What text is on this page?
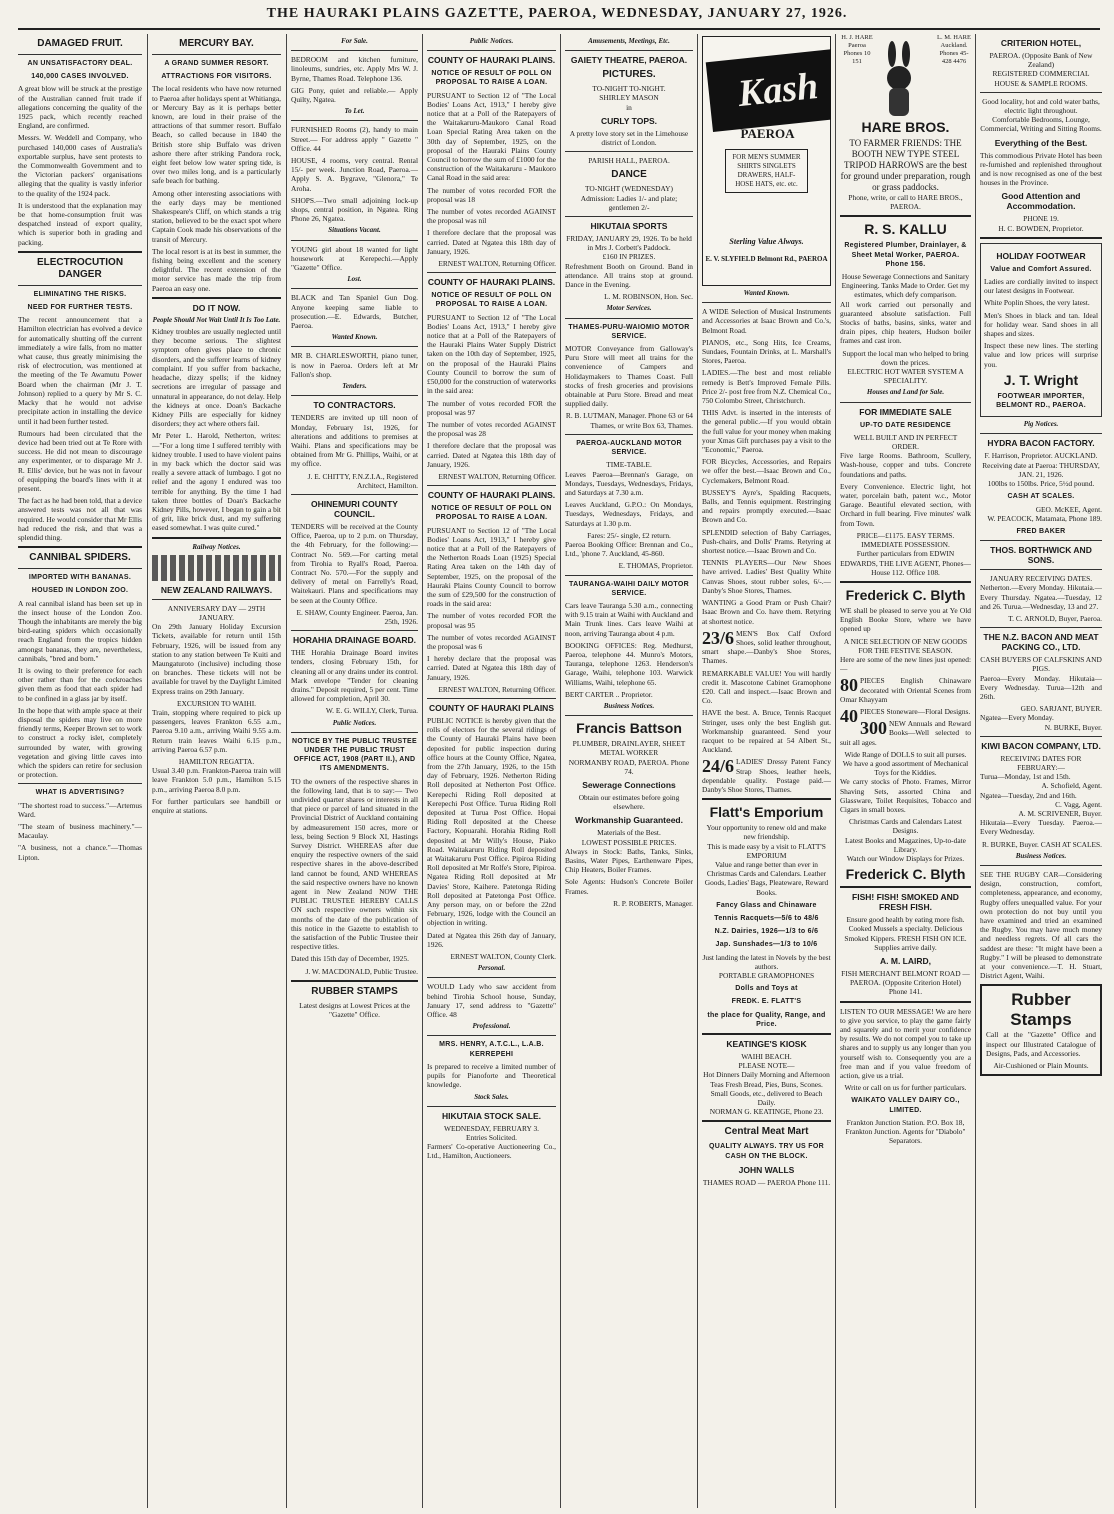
THE HAURAKI PLAINS GAZETTE, PAEROA, WEDNESDAY, JANUARY 27, 1926.
DAMAGED FRUIT.
AN UNSATISFACTORY DEAL.
140,000 CASES INVOLVED.

A great blow will be struck at the prestige of the Australian canned fruit trade if allegations concerning the quality of the 1925 pack, which recently reached England, are confirmed.

Messrs. W. Weddell and Company, who purchased 140,000 cases of Australia's exportable surplus, have sent protests to the Commonwealth Government and to the Victorian packers' organisations alleging that the quality is vastly inferior to the quality of the 1924 pack.

It is understood that the explanation may be that home-consumption fruit was despatched instead of export quality, which is superior both in grading and packing.

ELECTROCUTION DANGER
ELIMINATING THE RISKS.
NEED FOR FURTHER TESTS.

The recent announcement that a Hamilton electrician has evolved a device for automatically shutting off the current immediately a wire falls, from no matter what cause, thus greatly minimising the risk of electrocution, was mentioned at the meeting of the Te Awamutu Power Board when the chairman (Mr J. T. Johnson) replied to a query by Mr S. C. Macky that he would not advise precipitate action in installing the device until it had been further tested.

Rumours had been circulated that the device had been tried out at Te Rore with success. He did not mean to discourage any experimenter, or to disparage Mr J. R. Ellis' device, but he was not in favour of equipping the board's lines with it at present.

The fact as he had been told, that a device answered tests was not all that was required. He would consider that Mr Ellis had reduced the risk, and that was a splendid thing.

CANNIBAL SPIDERS.
IMPORTED WITH BANANAS.
HOUSED IN LONDON ZOO.

A real cannibal island has been set up in the insect house of the London Zoo. Though the inhabitants are merely the big bird-eating spiders which occasionally reach England from the tropics hidden amongst bananas, they are, nevertheless, cannibals, "bred and born."

It is owing to their preference for each other rather than for the cockroaches given them as food that each spider had to be confined in a glass jar by itself.

In the hope that with ample space at their disposal the spiders may live on more friendly terms, Keeper Brown set to work to construct a rocky islet, completely surrounded by water, with growing vegetation and giving little caves into which the spiders can retire for seclusion or protection.

WHAT IS ADVERTISING?

"The shortest road to success."—Artemus Ward.

"The steam of business machinery."—Macaulay.

"A business, not a chance."—Thomas Lipton.

MERCURY BAY.
A GRAND SUMMER RESORT.
ATTRACTIONS FOR VISITORS.

The local residents who have now returned to Paeroa after holidays spent at Whitianga, or Mercury Bay as it is perhaps better known, are loud in their praise of the attractions of that summer resort. Buffalo Beach, so called because in 1840 the British store ship Buffalo was driven ashore there after striking Pandora rock, eight feet below low water spring tide, is over two miles long, and is a particularly safe beach for bathing.

Among other interesting associations with the early days may be mentioned Shakespeare's Cliff, on which stands a trig station, believed to be the exact spot where Captain Cook made his observations of the transit of Mercury.

The local resort is at its best in summer, the fishing being excellent and the scenery delightful. The recent extension of the motor service has made the trip from Paeroa an easy one.

DO IT NOW.
People Should Not Wait Until It Is Too Late.

Kidney troubles are usually neglected until they become serious. The slightest symptom often gives place to chronic disorders, and the sufferer learns of kidney complaint. If you suffer from backache, headache, dizzy spells; if the kidney secretions are irregular of passage and unnatural in appearance, do not delay. Help the kidneys at once. Doan's Backache Kidney Pills are especially for kidney disorders; they act where others fail.

Mr Peter L. Harold, Netherton, writes:—"For a long time I suffered terribly with kidney trouble. I used to have violent pains in my back which the doctor said was really a severe attack of lumbago. I got no relief and the agony I endured was too terrible for anything. By the time I had taken three bottles of Doan's Backache Kidney Pills, however, I began to gain a bit of grit, like brick dust, and my suffering eased somewhat. I was quite cured."

Railway Notices.
NEW ZEALAND RAILWAYS.
ANNIVERSARY DAY — 29TH JANUARY.

On 29th January Holiday Excursion Tickets, available for return until 15th February, 1926, will be issued from any station to any station between Te Kuiti and Maungaturoto (inclusive) including those on branches. These tickets will not be available for travel by the Daylight Limited Express trains on 29th January.

EXCURSION TO WAIHI.

Train, stopping where required to pick up passengers, leaves Frankton 6.55 a.m., Paeroa 9.10 a.m., arriving Waihi 9.55 a.m. Return train leaves Waihi 6.15 p.m., arriving Paeroa 6.57 p.m.

HAMILTON REGATTA.

Usual 3.40 p.m. Frankton-Paeroa train will leave Frankton 5.0 p.m., Hamilton 5.15 p.m., arriving Paeroa 8.0 p.m.

For further particulars see handbill or enquire at stations.

For Sale.

BEDROOM and kitchen furniture, linoleums, sundries, etc. Apply Mrs W. J. Byrne, Thames Road. Telephone 136.

GIG Pony, quiet and reliable.— Apply Quilty, Ngatea.

To Let.

FURNISHED Rooms (2), handy to main Street.— For address apply " Gazette " Office. 44

HOUSE, 4 rooms, very central. Rental 15/- per week. Junction Road, Paeroa.—Apply S. A. Bygrave, "Glenora," Te Aroha.

SHOPS.—Two small adjoining lock-up shops, central position, in Ngatea. Ring Phone 26, Ngatea.

Situations Vacant.

YOUNG girl about 18 wanted for light housework at Kerepechi.—Apply "Gazette" Office.

Lost.

BLACK and Tan Spaniel Gun Dog. Anyone keeping same liable to prosecution.—E. Edwards, Butcher, Paeroa.

Wanted Known.

MR B. CHARLESWORTH, piano tuner, is now in Paeroa. Orders left at Mr Fallon's shop.

Tenders.
TO CONTRACTORS.

TENDERS are invited up till noon of Monday, February 1st, 1926, for alterations and additions to premises at Waihi. Plans and specifications may be obtained from Mr G. Phillips, Waihi, or at my office.

J. E. CHITTY, F.N.Z.I.A., Registered Architect, Hamilton.
OHINEMURI COUNTY COUNCIL.

TENDERS will be received at the County Office, Paeroa, up to 2 p.m. on Thursday, the 4th February, for the following:— Contract No. 569.—For carting metal from Tirohia to Ryall's Road, Paeroa. Contract No. 570.—For the supply and delivery of metal on Farrelly's Road, Waitekauri. Plans and specifications may be seen at the County Office.

E. SHAW, County Engineer. Paeroa, Jan. 25th, 1926.
HORAHIA DRAINAGE BOARD.

THE Horahia Drainage Board invites tenders, closing February 15th, for cleaning all or any drains under its control. Mark envelope "Tender for cleaning drains." Deposit required, 5 per cent. Time allowed for completion, April 30.

W. E. G. WILLY, Clerk, Turua.
Public Notices.
NOTICE BY THE PUBLIC TRUSTEE UNDER THE PUBLIC TRUST OFFICE ACT, 1908 (PART II.), AND ITS AMENDMENTS.

TO the owners of the respective shares in the following land, that is to say:— Two undivided quarter shares or interests in all that piece or parcel of land situated in the Provincial District of Auckland containing by admeasurement 150 acres, more or less, being Section 9 Block XI, Hastings Survey District. WHEREAS after due enquiry the respective owners of the said respective shares in the above-described land cannot be found, AND WHEREAS the said respective owners have no known agent in New Zealand NOW THE PUBLIC TRUSTEE HEREBY CALLS ON such respective owners within six months of the date of the publication of this notice in the Gazette to establish to the satisfaction of the Public Trustee their respective titles.

Dated this 15th day of December, 1925.

J. W. MACDONALD, Public Trustee.
RUBBER STAMPS
Latest designs at Lowest Prices at the "Gazette" Office.
Public Notices.
COUNTY OF HAURAKI PLAINS.
NOTICE OF RESULT OF POLL ON PROPOSAL TO RAISE A LOAN.

PURSUANT to Section 12 of "The Local Bodies' Loans Act, 1913," I hereby give notice that at a Poll of the Ratepayers of the Waitakaruru-Maukoro Canal Road Loan Special Rating Area taken on the 30th day of September, 1925, on the proposal of the Hauraki Plains County Council to borrow the sum of £1000 for the construction of the Waitakaruru - Maukoro Canal Road in the said area:

The number of votes recorded FOR the proposal was 18

The number of votes recorded AGAINST the proposal was nil

I therefore declare that the proposal was carried. Dated at Ngatea this 18th day of January, 1926.

ERNEST WALTON, Returning Officer.
COUNTY OF HAURAKI PLAINS.
NOTICE OF RESULT OF POLL ON PROPOSAL TO RAISE A LOAN.

PURSUANT to Section 12 of "The Local Bodies' Loans Act, 1913," I hereby give notice that at a Poll of the Ratepayers of the Hauraki Plains Water Supply District taken on the 10th day of September, 1925, on the proposal of the Hauraki Plains County Council to borrow the sum of £50,000 for the construction of waterworks in the said area:

The number of votes recorded FOR the proposal was 97

The number of votes recorded AGAINST the proposal was 28

I therefore declare that the proposal was carried. Dated at Ngatea this 18th day of January, 1926.

ERNEST WALTON, Returning Officer.
COUNTY OF HAURAKI PLAINS.
NOTICE OF RESULT OF POLL ON PROPOSAL TO RAISE A LOAN.

PURSUANT to Section 12 of "The Local Bodies' Loans Act, 1913," I hereby give notice that at a Poll of the Ratepayers of the Netherton Roads Loan (1925) Special Rating Area taken on the 14th day of September, 1925, on the proposal of the Hauraki Plains County Council to borrow the sum of £29,500 for the construction of roads in the said area:

The number of votes recorded FOR the proposal was 95

The number of votes recorded AGAINST the proposal was 6

I hereby declare that the proposal was carried. Dated at Ngatea this 18th day of January, 1926.

ERNEST WALTON, Returning Officer.
COUNTY OF HAURAKI PLAINS

PUBLIC NOTICE is hereby given that the rolls of electors for the several ridings of the County of Hauraki Plains have been deposited for public inspection during office hours at the County Office, Ngatea, from the 27th January, 1926, to the 15th day of February, 1926. Netherton Riding Roll deposited at Netherton Post Office. Kerepechi Riding Roll deposited at Kerepechi Post Office. Turua Riding Roll deposited at Turua Post Office. Hopai Riding Roll deposited at the Cheese Factory, Kopuarahi. Horahia Riding Roll deposited at Mr Willy's House, Piako Road. Waitakaruru Riding Roll deposited at Waitakaruru Post Office. Pipiroa Riding Roll deposited at Mr Rolfe's Store, Pipiroa. Ngatea Riding Roll deposited at Mr Davies' Store, Kaihere. Patetonga Riding Roll deposited at Patetonga Post Office. Any person may, on or before the 22nd February, 1926, lodge with the Council an objection in writing.

Dated at Ngatea this 26th day of January, 1926.

ERNEST WALTON, County Clerk.
Personal.

WOULD Lady who saw accident from behind Tirohia School house, Sunday, January 17, send address to "Gazette" Office. 48

Professional.
MRS. HENRY, A.T.C.L., L.A.B. KERREPEHI

Is prepared to receive a limited number of pupils for Pianoforte and Theoretical knowledge.

Stock Sales.
HIKUTAIA STOCK SALE.
WEDNESDAY, FEBRUARY 3.
Entries Solicited.

Farmers' Co-operative Auctioneering Co., Ltd., Hamilton, Auctioneers.

Amusements, Meetings, Etc.
GAIETY THEATRE, PAEROA.
PICTURES.
TO-NIGHT TO-NIGHT.
SHIRLEY MASON
in
CURLY TOPS.
A pretty love story set in the Limehouse district of London.
PARISH HALL, PAEROA.
DANCE
TO-NIGHT (WEDNESDAY)
Admission: Ladies 1/- and plate; gentlemen 2/-
HIKUTAIA SPORTS
FRIDAY, JANUARY 29, 1926. To be held in Mrs J. Corbett's Paddock.
£160 IN PRIZES.

Refreshment Booth on Ground. Band in attendance. All trains stop at ground. Dance in the Evening.

L. M. ROBINSON, Hon. Sec.
Motor Services.
THAMES-PURU-WAIOMIO MOTOR SERVICE.

MOTOR Conveyance from Galloway's Puru Store will meet all trains for the convenience of Campers and Holidaymakers to Thames Coast. Full stocks of fresh groceries and provisions obtainable at Puru Store. Bread and meat supplied daily.

R. B. LUTMAN, Manager. Phone 63 or 64 Thames, or write Box 63, Thames.
PAEROA-AUCKLAND MOTOR SERVICE.
TIME-TABLE.

Leaves Paeroa—Brennan's Garage, on Mondays, Tuesdays, Wednesdays, Fridays, and Saturdays at 7.30 a.m.

Leaves Auckland, G.P.O.: On Mondays, Tuesdays, Wednesdays, Fridays, and Saturdays at 1.30 p.m.

Fares: 25/- single, £2 return.

Paeroa Booking Office: Brennan and Co., Ltd., 'phone 7. Auckland, 45-860.

E. THOMAS, Proprietor.
TAURANGA-WAIHI DAILY MOTOR SERVICE.

Cars leave Tauranga 5.30 a.m., connecting with 9.15 train at Waihi with Auckland and Main Trunk lines. Cars leave Waihi at noon, arriving Tauranga about 4 p.m.

BOOKING OFFICES: Reg. Medhurst, Paeroa, telephone 44. Munro's Motors, Tauranga, telephone 1263. Henderson's Garage, Waihi, telephone 103. Warwick Williams, Waihi, telephone 65.

BERT CARTER .. Proprietor.
Business Notices.
Francis Battson
PLUMBER, DRAINLAYER, SHEET METAL WORKER
NORMANBY ROAD, PAEROA. Phone 74.
Sewerage Connections
Obtain our estimates before going elsewhere.
Workmanship Guaranteed.
Materials of the Best.
LOWEST POSSIBLE PRICES.

Always in Stock: Baths, Tanks, Sinks, Basins, Water Pipes, Earthenware Pipes, Chip Heaters, Boiler Frames.

Sole Agents: Hudson's Concrete Boiler Frames.

R. P. ROBERTS, Manager.
Kash
PAEROA
FOR MEN'S SUMMER SHIRTS SINGLETS DRAWERS, HALF-HOSE HATS, etc. etc.
Sterling Value Always.
E. V. SLYFIELD Belmont Rd., PAEROA
Wanted Known.

A WIDE Selection of Musical Instruments and Accessories at Isaac Brown and Co.'s, Belmont Road.

PIANOS, etc., Song Hits, Ice Creams, Sundaes, Fountain Drinks, at L. Marshall's Stores, Paeroa.

LADIES.—The best and most reliable remedy is Bett's Improved Female Pills. Price 2/- post free from N.Z. Chemical Co., 750 Colombo Street, Christchurch.

THIS Advt. is inserted in the interests of the general public.—If you would obtain the full value for your money when making your Xmas Gift purchases pay a visit to the "Economic," Paeroa.

FOR Bicycles, Accessories, and Repairs we offer the best.—Isaac Brown and Co., Cyclemakers, Belmont Road.

BUSSEY'S Ayre's, Spalding Racquets, Balls, and Tennis equipment. Restringing and repairs promptly executed.—Isaac Brown and Co.

SPLENDID selection of Baby Carriages, Push-chairs, and Dolls' Prams. Retyring at shortest notice.—Isaac Brown and Co.

TENNIS PLAYERS—Our New Shoes have arrived. Ladies' Best Quality White Canvas Shoes, stout rubber soles, 6/-.—Danby's Shoe Stores, Thames.

WANTING a Good Pram or Push Chair? Isaac Brown and Co. have them. Retyring at shortest notice.

23/6 MEN'S Box Calf Oxford Shoes, solid leather throughout, smart shape.—Danby's Shoe Stores, Thames.

REMARKABLE VALUE! You will hardly credit it. Mascotone Cabinet Gramophone £20. Call and inspect.—Isaac Brown and Co.

HAVE the best. A. Bruce, Tennis Racquet Stringer, uses only the best English gut. Workmanship guaranteed. Send your racquet to be repaired at 54 Albert St., Auckland.

24/6 LADIES' Dressy Patent Fancy Strap Shoes, leather heels, dependable quality. Postage paid.—Danby's Shoe Stores, Thames.

Flatt's Emporium
Your opportunity to renew old and make new friendship.
This is made easy by a visit to FLATT'S EMPORIUM
Value and range better than ever in Christmas Cards and Calendars. Leather Goods, Ladies' Bags, Pleateware, Reward Books.
Fancy Glass and Chinaware
Tennis Racquets—5/6 to 48/6
N.Z. Dairies, 1926—1/3 to 6/6
Jap. Sunshades—1/3 to 10/6
Just landing the latest in Novels by the best authors.
PORTABLE GRAMOPHONES
Dolls and Toys at
FREDK. E. FLATT'S
the place for Quality, Range, and Price.
KEATINGE'S KIOSK
WAIHI BEACH.
PLEASE NOTE—
Hot Dinners Daily Morning and Afternoon Teas Fresh Bread, Pies, Buns, Scones.
Small Goods, etc., delivered to Beach Daily.
NORMAN G. KEATINGE, Phone 23.
Central Meat Mart
QUALITY ALWAYS. TRY US FOR CASH ON THE BLOCK.
JOHN WALLS
THAMES ROAD — PAEROA Phone 111.
H. J. HARE Paeroa Phones 10 151
L. M. HARE Auckland. Phones 45-428 4476
HARE BROS.
TO FARMER FRIENDS: THE BOOTH NEW TYPE STEEL TRIPOD HARROWS are the best for ground under preparation, rough or grass paddocks.
Phone, write, or call to HARE BROS., PAEROA.
R. S. KALLU
Registered Plumber, Drainlayer, & Sheet Metal Worker, PAEROA. Phone 156.
House Sewerage Connections and Sanitary Engineering. Tanks Made to Order. Get my estimates, which defy comparison.

All work carried out personally and guaranteed absolute satisfaction. Full Stocks of baths, basins, sinks, water and drain pipes, chip heaters, Hudson boiler frames and cast iron.

Support the local man who helped to bring down the prices.
ELECTRIC HOT WATER SYSTEM A SPECIALITY.
Houses and Land for Sale.
FOR IMMEDIATE SALE
UP-TO DATE RESIDENCE
WELL BUILT AND IN PERFECT ORDER.

Five large Rooms. Bathroom, Scullery, Wash-house, copper and tubs. Concrete foundations and paths.

Every Convenience. Electric light, hot water, porcelain bath, patent w.c., Motor Garage. Beautiful elevated section, with Orchard in full bearing. Five minutes' walk from Town.

PRICE—£1175. EASY TERMS.
IMMEDIATE POSSESSION.
Further particulars from EDWIN EDWARDS, THE LIVE AGENT, Phones—House 112. Office 108.
Frederick C. Blyth

WE shall be pleased to serve you at Ye Old English Booke Store, where we have opened up

A NICE SELECTION OF NEW GOODS FOR THE FESTIVE SEASON.

Here are some of the new lines just opened:—

80 PIECES English Chinaware decorated with Oriental Scenes from Omar Khayyam

40 PIECES Stoneware—Floral Designs.

300 NEW Annuals and Reward Books—Well selected to suit all ages.

Wide Range of DOLLS to suit all purses.
We have a good assortment of Mechanical Toys for the Kiddies.

We carry stocks of Photo. Frames, Mirror Shaving Sets, assorted China and Glassware, Toilet Requisites, Tobacco and Cigars in small boxes.

Christmas Cards and Calendars Latest Designs.
Latest Books and Magazines, Up-to-date Library.
Watch our Window Displays for Prizes.
Frederick C. Blyth
FISH! FISH! SMOKED AND FRESH FISH.
Ensure good health by eating more fish.
Cooked Mussels a specialty. Delicious Smoked Kippers. FRESH FISH ON ICE. Supplies arrive daily.
A. M. LAIRD,
FISH MERCHANT BELMONT ROAD — PAEROA. (Opposite Criterion Hotel) Phone 141.

LISTEN TO OUR MESSAGE! We are here to give you service, to play the game fairly and squarely and to merit your confidence by results. We do not compel you to take up shares and to supply us any longer than you yourself wish to. Consequently you are a free man and if you value freedom of action, give us a trial.

Write or call on us for further particulars.
WAIKATO VALLEY DAIRY CO., LIMITED.
Frankton Junction Station. P.O. Box 18, Frankton Junction. Agents for "Diabolo" Separators.
CRITERION HOTEL,
PAEROA. (Opposite Bank of New Zealand)
REGISTERED COMMERCIAL HOUSE & SAMPLE ROOMS.
Good locality, hot and cold water baths, electric light throughout.
Comfortable Bedrooms, Lounge, Commercial, Writing and Sitting Rooms.
Everything of the Best.

This commodious Private Hotel has been re-furnished and replenished throughout and is now recognised as one of the best houses in the Province.

Good Attention and Accommodation.
PHONE 19.
H. C. BOWDEN, Proprietor.
HOLIDAY FOOTWEAR
Value and Comfort Assured.

Ladies are cordially invited to inspect our latest designs in Footwear.

White Poplin Shoes, the very latest.

Men's Shoes in black and tan. Ideal for holiday wear. Sand shoes in all shapes and sizes.

Inspect these new lines. The sterling value and low prices will surprise you.

J. T. Wright
FOOTWEAR IMPORTER, BELMONT RD., PAEROA.
Pig Notices.
HYDRA BACON FACTORY.
F. Harrison, Proprietor. AUCKLAND.
Receiving date at Paeroa: THURSDAY, JAN. 21, 1926.
100lbs to 150lbs. Price, 5½d pound.
CASH AT SCALES.
GEO. McKEE, Agent.
W. PEACOCK, Matamata, Phone 189.
FRED BAKER
THOS. BORTHWICK AND SONS.
JANUARY RECEIVING DATES.

Netherton.—Every Monday. Hikutaia.—Every Thursday. Ngatea.—Tuesday, 12 and 26. Turua.—Wednesday, 13 and 27.

T. C. ARNOLD, Buyer, Paeroa.
THE N.Z. BACON AND MEAT PACKING CO., LTD.
CASH BUYERS OF CALFSKINS AND PIGS.

Paeroa—Every Monday. Hikutaia—Every Wednesday. Turua—12th and 26th.

GEO. SARJANT, BUYER.
Ngatea—Every Monday.
N. BURKE, Buyer.
KIWI BACON COMPANY, LTD.
RECEIVING DATES FOR FEBRUARY:—
Turua—Monday, 1st and 15th.
A. Schofield, Agent.
Ngatea—Tuesday, 2nd and 16th.
C. Vagg, Agent.
A. M. SCRIVENER, Buyer.

Hikutaia—Every Tuesday. Paeroa.—Every Wednesday.

R. BURKE, Buyer. CASH AT SCALES.
Business Notices.

SEE THE RUGBY CAR—Considering design, construction, comfort, completeness, appearance, and economy, Rugby offers unequalled value. For your own protection do not buy until you have examined and tried an examined the Rugby. You may have much money and needless regrets. Of all cars the saddest are these: "It might have been a Rugby." I will be pleased to demonstrate at your convenience.—T. H. Stuart, District Agent, Waihi.

Rubber Stamps

Call at the "Gazette" Office and inspect our Illustrated Catalogue of Designs, Pads, and Accessories.

Air-Cushioned or Plain Mounts.
